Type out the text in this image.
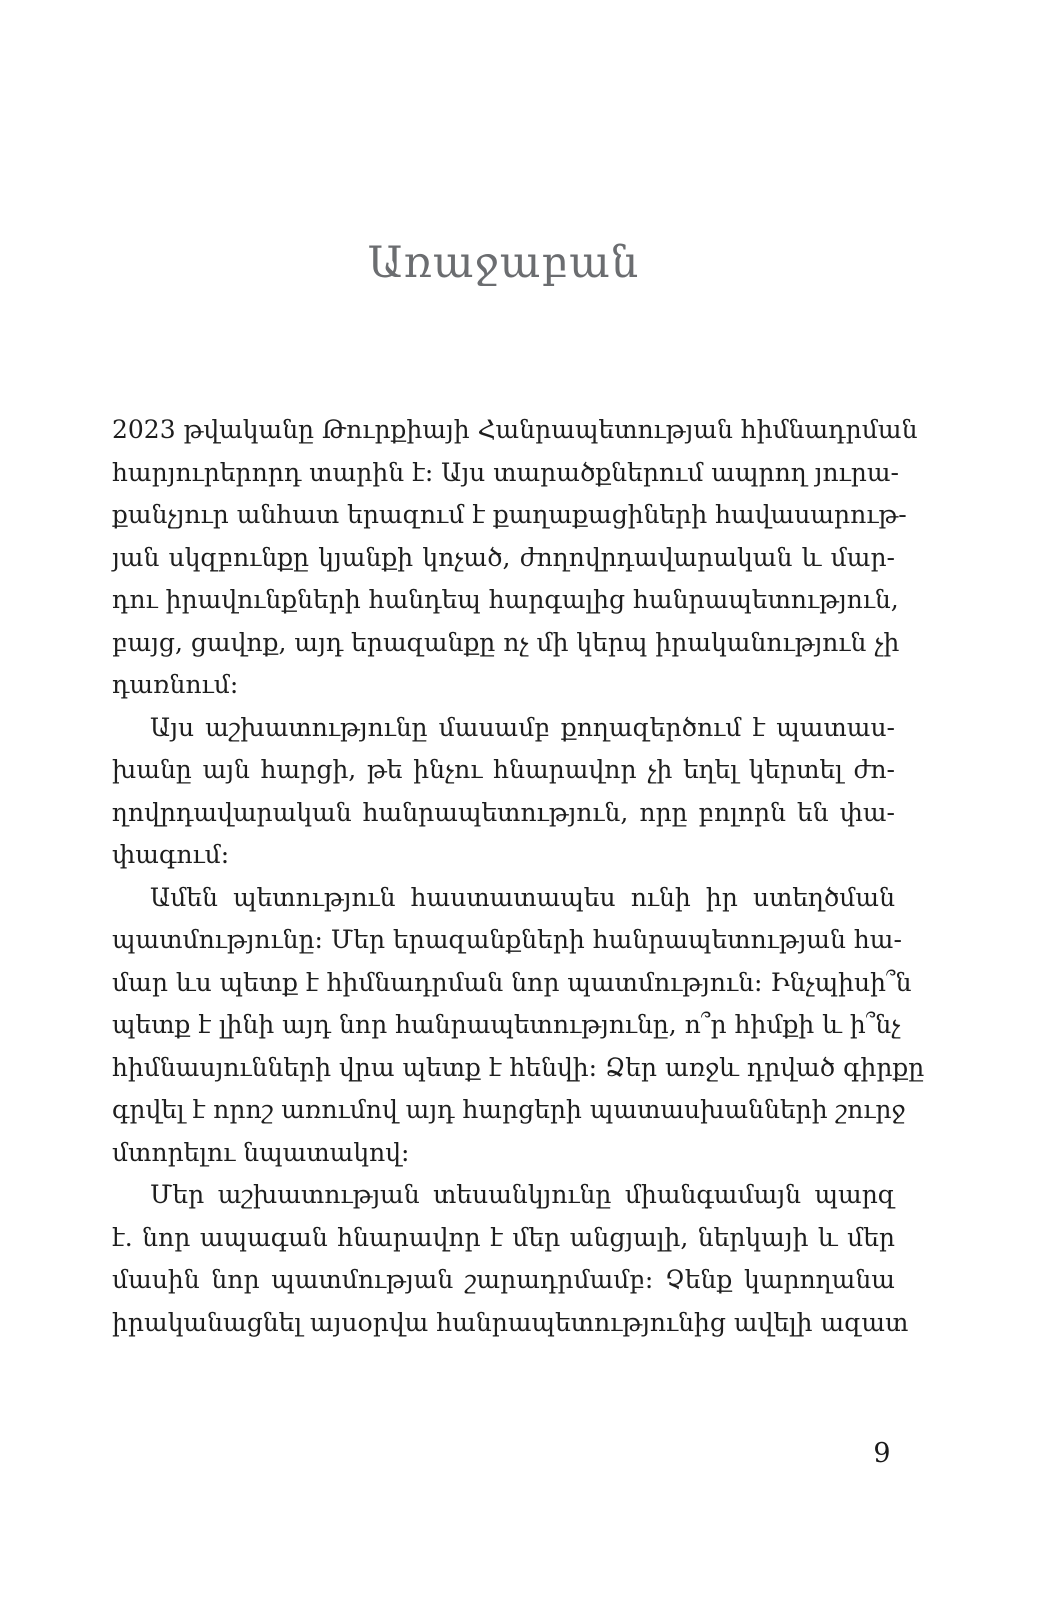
Առաջաբան
2023 թվականը Թուրքիայի Հանրապետության հիմնադրման
հարյուրերորդ տարին է: Այս տարածքներում ապրող յուրա-
քանչյուր անհատ երազում է քաղաքացիների հավասարութ-
յան սկզբունքը կյանքի կոչած, ժողովրդավարական և մար-
դու իրավունքների հանդեպ հարգալից հանրապետություն,
բայց, ցավոք, այդ երազանքը ոչ մի կերպ իրականություն չի
դառնում:
Այս աշխատությունը մասամբ քողազերծում է պատաս-
խանը այն հարցի, թե ինչու հնարավոր չի եղել կերտել ժո-
ղովրդավարական հանրապետություն, որը բոլորն են փա-
փագում:
Ամեն պետություն հաստատապես ունի իր ստեղծման
պատմությունը: Մեր երազանքների հանրապետության հա-
մար ևս պետք է հիմնադրման նոր պատմություն: Ինչպիսի՞ն
պետք է լինի այդ նոր հանրապետությունը, ո՞ր հիմքի և ի՞նչ
հիմնասյունների վրա պետք է հենվի: Ձեր առջև դրված գիրքը
գրվել է որոշ առումով այդ հարցերի պատասխանների շուրջ
մտորելու նպատակով:
Մեր աշխատության տեսանկյունը միանգամայն պարզ
է. նոր ապագան հնարավոր է մեր անցյալի, ներկայի և մեր
մասին նոր պատմության շարադրմամբ: Չենք կարողանա
իրականացնել այսօրվա հանրապետությունից ավելի ազատ
9
